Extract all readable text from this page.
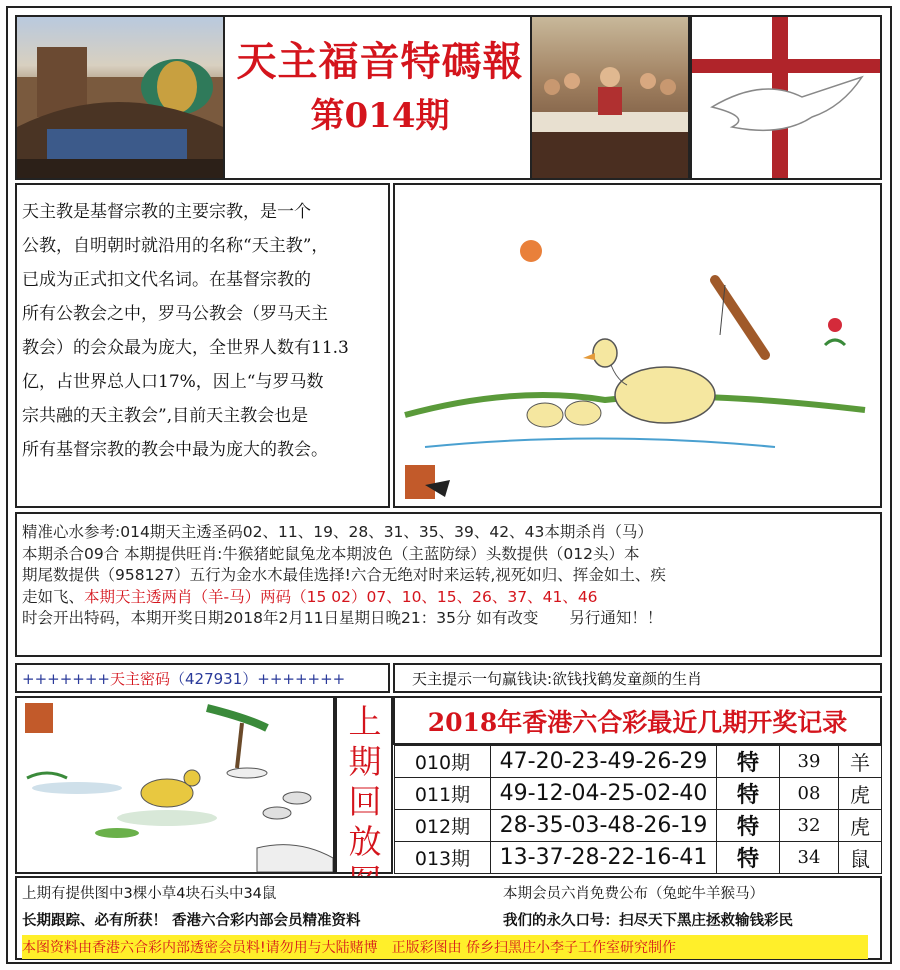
天主福音特碼報
第014期

天主教是基督宗教的主要宗教，是一个

公教，自明朝时就沿用的名称“天主教”，

已成为正式扣文代名词。在基督宗教的

所有公教会之中，罗马公教会（罗马天主

教会）的会众最为庞大，全世界人数有11.3

亿，占世界总人口17%，因上“与罗马数

宗共融的天主教会”,目前天主教会也是

所有基督宗教的教会中最为庞大的教会。

精准心水参考:014期天主透圣码02、11、19、28、31、35、39、42、43本期杀肖（马）
本期杀合09合 本期提供旺肖:牛猴猪蛇鼠兔龙本期波色（主蓝防绿）头数提供（012头）本
期尾数提供（958127）五行为金水木最佳选择!六合无绝对时来运转,视死如归、挥金如土、疾
走如飞、本期天主透两肖（羊-马）两码（15 02）07、10、15、26、37、41、46
时会开出特码，本期开奖日期2018年2月11日星期日晚21：35分 如有改变　　另行通知！！
+++++++天主密码（427931）+++++++	天主提示一句赢钱诀:欲钱找鹤发童颜的生肖
上期回放
2018年香港六合彩最近几期开奖记录
010期	47-20-23-49-26-29	特	39	羊
011期	49-12-04-25-02-40	特	08	虎
012期	28-35-03-48-26-19	特	32	虎
013期	13-37-28-22-16-41	特	34	鼠
上期有提供图中3棵小草4块石头中34鼠	本期会员六肖免费公布（兔蛇牛羊猴马）
长期跟踪、必有所获！ 香港六合彩内部会员精准资料	我们的永久口号：扫尽天下黑庄拯救输钱彩民
本图资料由香港六合彩内部透密会员料!请勿用与大陆赌博　正版彩图由 侨乡扫黑庄小李子工作室研究制作
